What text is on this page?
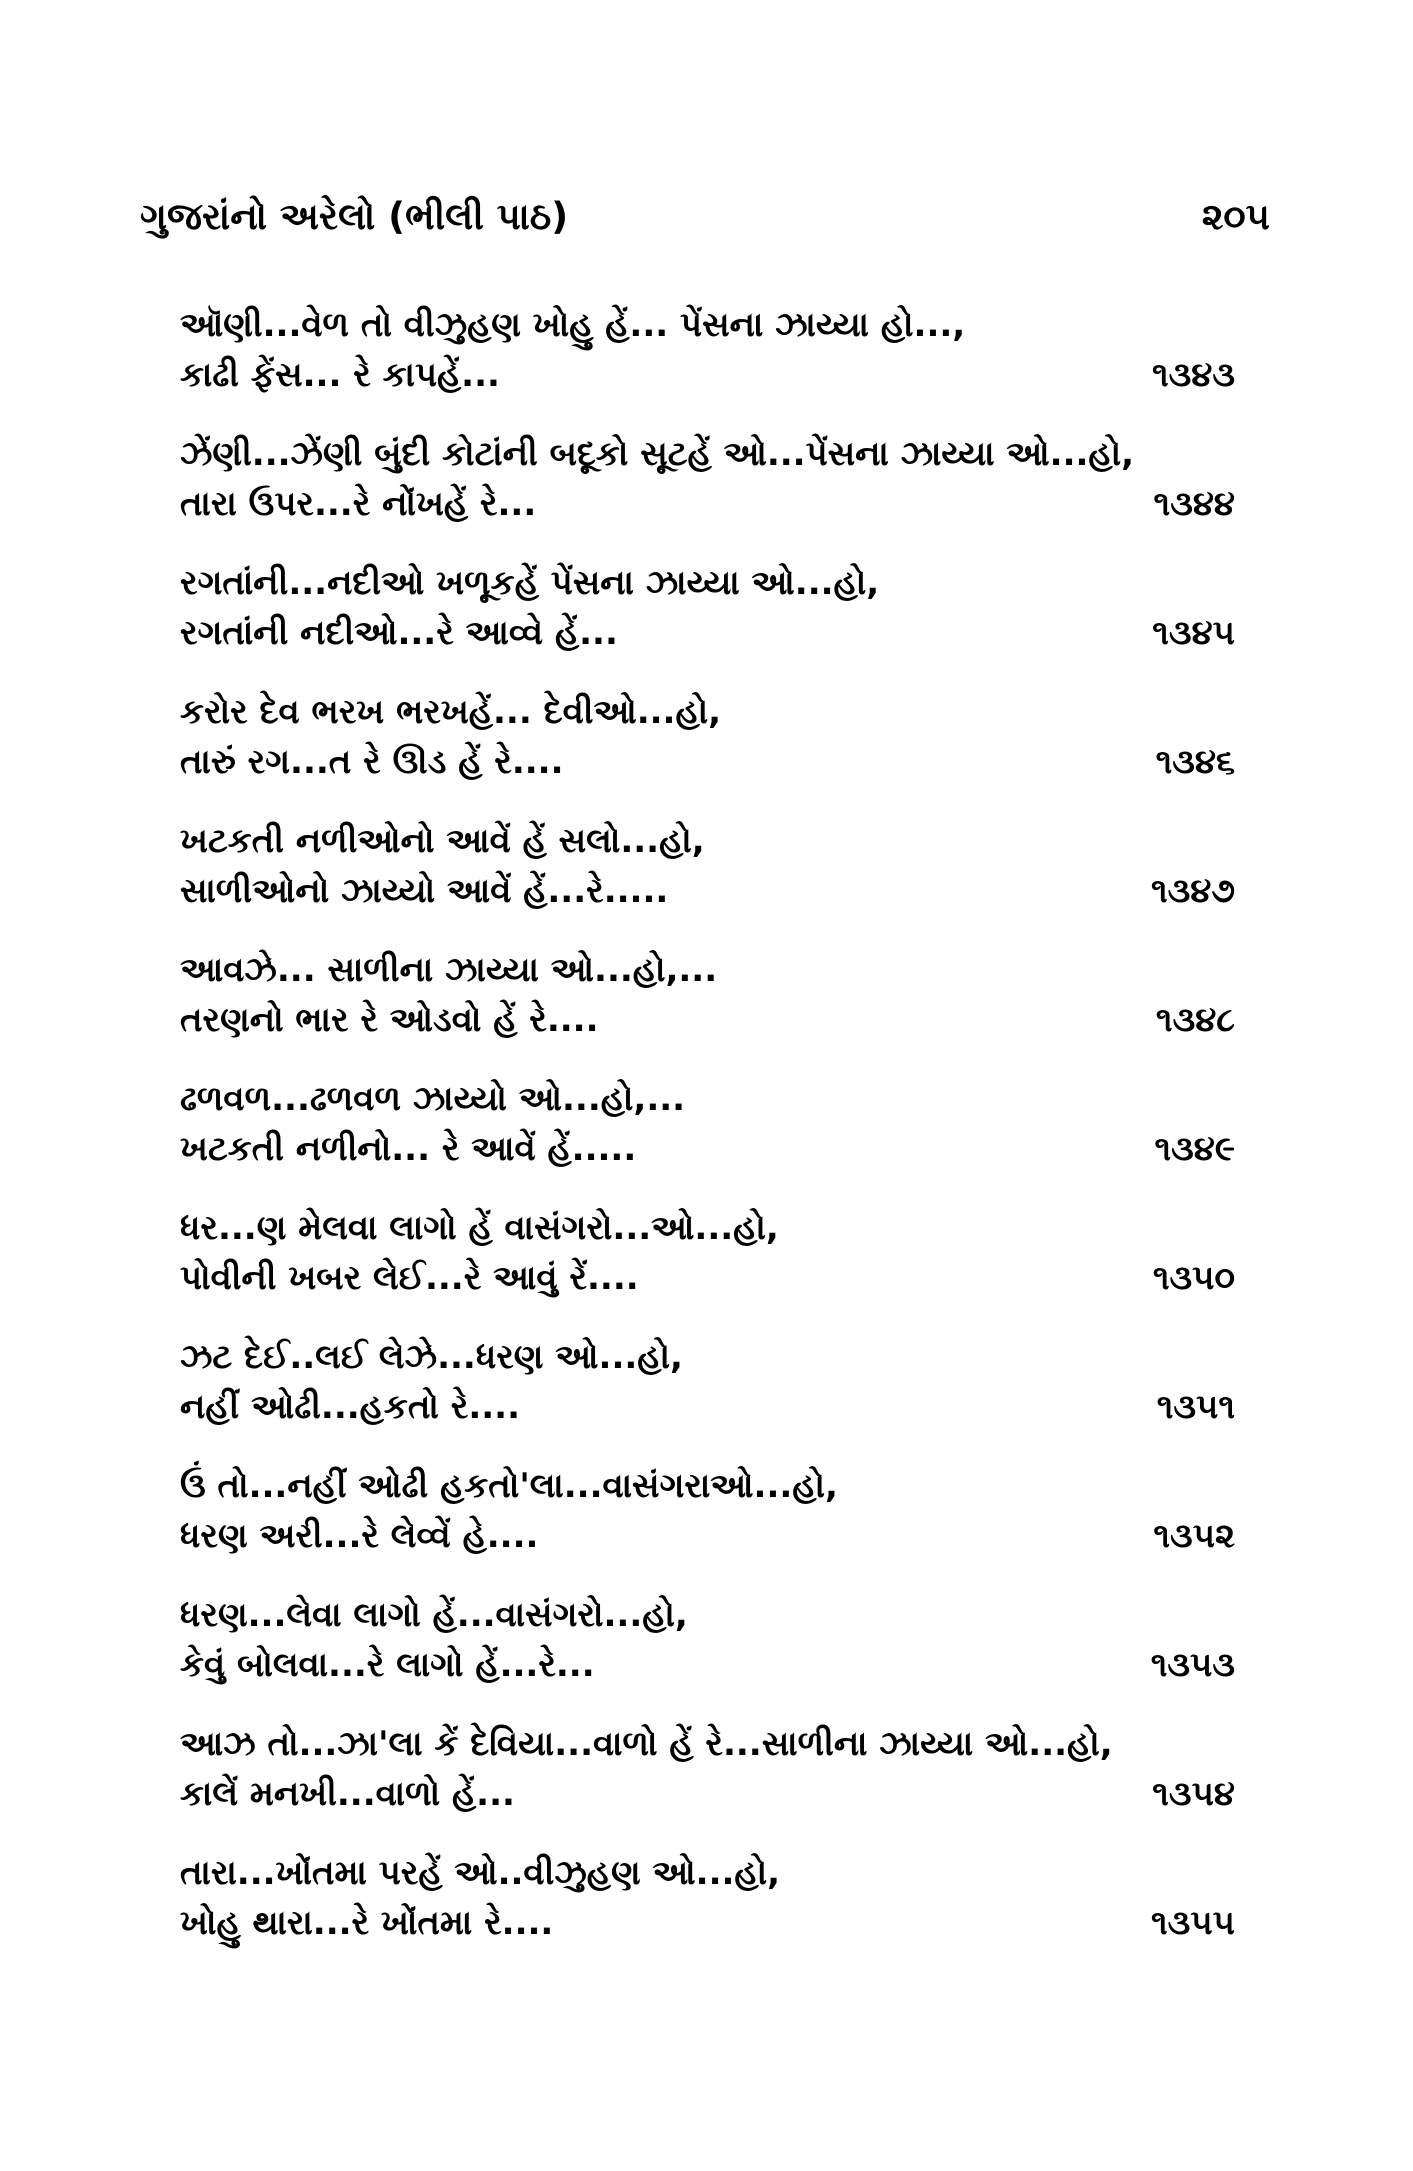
ગુજરાંનો અરેલો (ભીલી પાઠ)	૨૦૫
ઑણી...વેળ તો વીઝુહણ ખોહુ હેં... પેંસના ઝાય્યા હો...,
કાઢી ફેંસ... રે કાપહેં...	૧૩૪૩
ઝેંણી...ઝેંણી બુંદી કોટાંની બદૂકો સૂટહેં ઓ...પેંસના ઝાય્યા ઓ...હો,
તારા ઉપર...રે નોંખહેં રે...	૧૩૪૪
રગતાંની...નદીઓ ખળૂકહેં પેંસના ઝાય્યા ઓ...હો,
રગતાંની નદીઓ...રે આવ્વે હેં...	૧૩૪૫
કરોર દેવ ભરખ ભરખહેં... દેવીઓ...હો,
તારું રગ...ત રે ઊડ હેં રે....	૧૩૪૬
ખટકતી નળીઓનો આવેં હેં સલો...હો,
સાળીઓનો ઝાય્યો આવેં હેં...રે.....	૧૩૪૭
આવઝે... સાળીના ઝાય્યા ઓ...હો,...
તરણનો ભાર રે ઓડવો હેં રે....	૧૩૪૮
ઢળવળ...ઢળવળ ઝાય્યો ઓ...હો,...
ખટકતી નળીનો... રે આવેં હેં.....	૧૩૪૯
ધર...ણ મેલવા લાગો હેં વાસંગરો...ઓ...હો,
પોવીની ખબર લેઈ...રે આવું રેં....	૧૩૫૦
ઝટ દેઈ..લઈ લેઝે...ધરણ ઓ...હો,
નહીં ઓઢી...હકતો રે....	૧૩૫૧
ઉં તો...નહીં ઓઢી હકતો'લા...વાસંગરાઓ...હો,
ધરણ અરી...રે લેવ્વેં હે....	૧૩૫૨
ધરણ...લેવા લાગો હેં...વાસંગરો...હો,
કેવું બોલવા...રે લાગો હેં...રે...	૧૩૫૩
આઝ તો...ઝા'લા કેં દેવિયા...વાળો હેં રે...સાળીના ઝાય્યા ઓ...હો,
કાલેં મનખી...વાળો હેં...	૧૩૫૪
તારા...ખોંતમા પરહેં ઓ..વીઝુહણ ઓ...હો,
ખોહુ થારા...રે ખોંતમા રે....	૧૩૫૫
